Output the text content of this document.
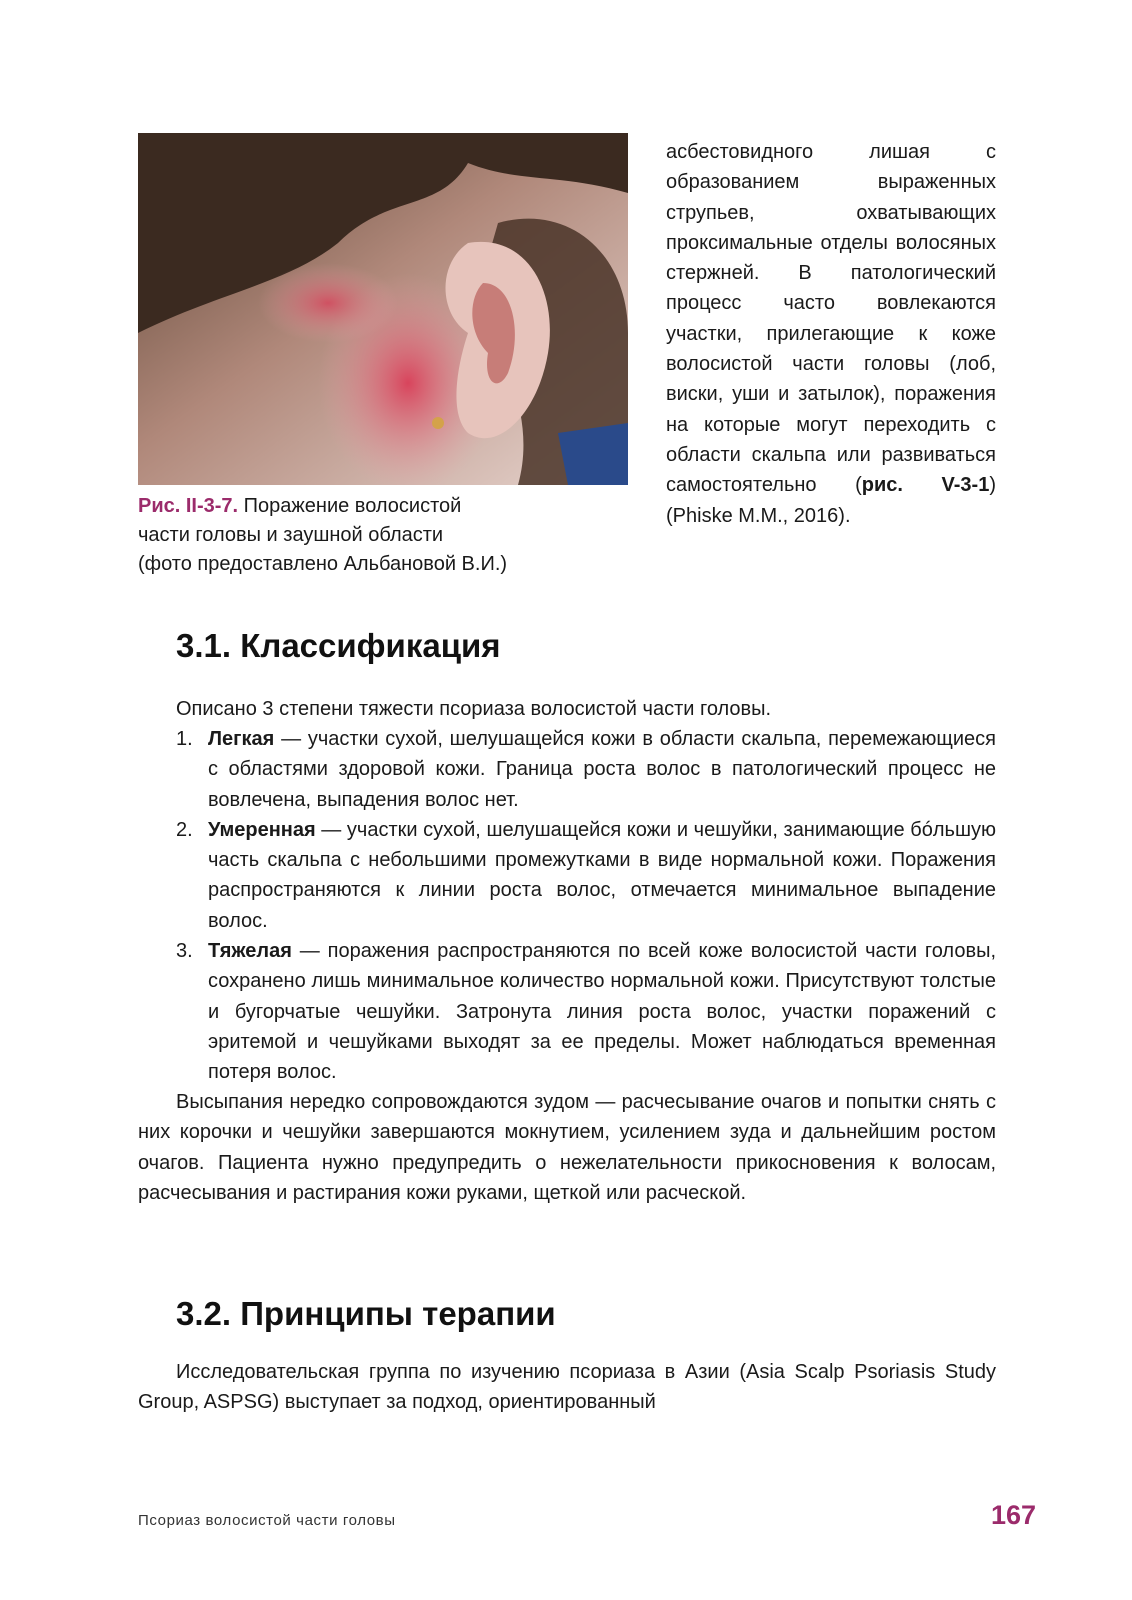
Рис. II-3-7. Поражение волосистой
части головы и заушной области
(фото предоставлено Альбановой В.И.)
асбестовидного лишая с образованием выраженных струпьев, охватывающих проксимальные отделы волосяных стержней. В патологический процесс часто вовлекаются участки, прилегающие к коже волосистой части головы (лоб, виски, уши и затылок), поражения на которые могут переходить с области скальпа или развиваться самостоятельно (рис. V-3-1) (Phiske M.M., 2016).
3.1. Классификация
Описано 3 степени тяжести псориаза волосистой части головы.
1. Легкая — участки сухой, шелушащейся кожи в области скальпа, перемежающиеся с областями здоровой кожи. Граница роста волос в патологический процесс не вовлечена, выпадения волос нет.
2. Умеренная — участки сухой, шелушащейся кожи и чешуйки, занимающие бóльшую часть скальпа с небольшими промежутками в виде нормальной кожи. Поражения распространяются к линии роста волос, отмечается минимальное выпадение волос.
3. Тяжелая — поражения распространяются по всей коже волосистой части головы, сохранено лишь минимальное количество нормальной кожи. Присутствуют толстые и бугорчатые чешуйки. Затронута линия роста волос, участки поражений с эритемой и чешуйками выходят за ее пределы. Может наблюдаться временная потеря волос.

Высыпания нередко сопровождаются зудом — расчесывание очагов и попытки снять с них корочки и чешуйки завершаются мокнутием, усилением зуда и дальнейшим ростом очагов. Пациента нужно предупредить о нежелательности прикосновения к волосам, расчесывания и растирания кожи руками, щеткой или расческой.

3.2. Принципы терапии

Исследовательская группа по изучению псориаза в Азии (Asia Scalp Psoriasis Study Group, ASPSG) выступает за подход, ориентированный

Псориаз волосистой части головы	167
